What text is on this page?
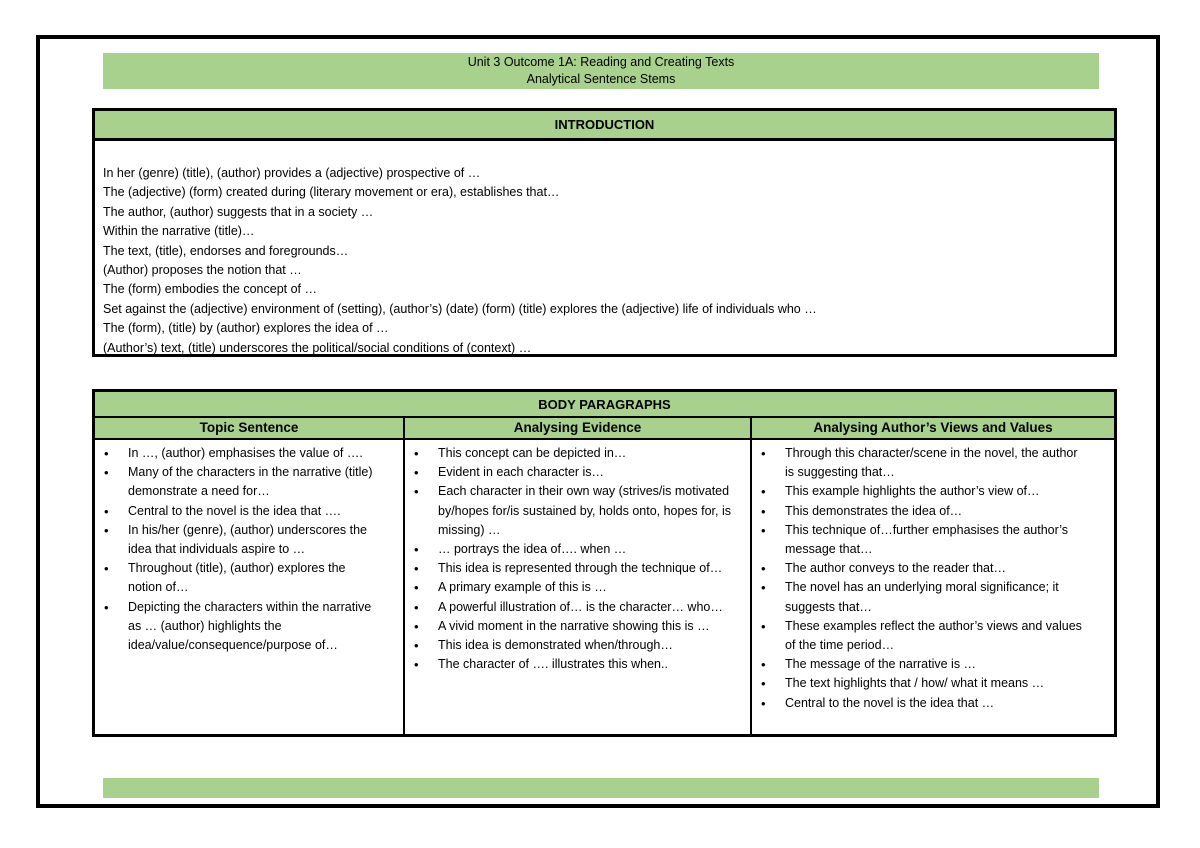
Unit 3 Outcome 1A: Reading and Creating Texts
Analytical Sentence Stems
INTRODUCTION
In her (genre) (title), (author) provides a (adjective) prospective of …
The (adjective) (form) created during (literary movement or era), establishes that…
The author, (author) suggests that in a society …
Within the narrative (title)…
The text, (title), endorses and foregrounds…
(Author) proposes the notion that …
The (form) embodies the concept of …
Set against the (adjective) environment of (setting), (author’s) (date) (form) (title) explores the (adjective) life of individuals who …
The (form), (title) by (author) explores the idea of …
(Author’s) text, (title) underscores the political/social conditions of (context) …
BODY PARAGRAPHS
Topic Sentence	Analysing Evidence	Analysing Author’s Views and Values
• In …, (author) emphasises the value of ….
• Many of the characters in the narrative (title) demonstrate a need for…
• Central to the novel is the idea that ….
• In his/her (genre), (author) underscores the idea that individuals aspire to …
• Throughout (title), (author) explores the notion of…
• Depicting the characters within the narrative as … (author) highlights the idea/value/consequence/purpose of…
• This concept can be depicted in…
• Evident in each character is…
• Each character in their own way (strives/is motivated by/hopes for/is sustained by, holds onto, hopes for, is missing) …
• … portrays the idea of…. when …
• This idea is represented through the technique of…
• A primary example of this is …
• A powerful illustration of… is the character… who…
• A vivid moment in the narrative showing this is …
• This idea is demonstrated when/through…
• The character of …. illustrates this when..
• Through this character/scene in the novel, the author is suggesting that…
• This example highlights the author’s view of…
• This demonstrates the idea of…
• This technique of…further emphasises the author’s message that…
• The author conveys to the reader that…
• The novel has an underlying moral significance; it suggests that…
• These examples reflect the author’s views and values of the time period…
• The message of the narrative is …
• The text highlights that / how/ what it means …
• Central to the novel is the idea that …
